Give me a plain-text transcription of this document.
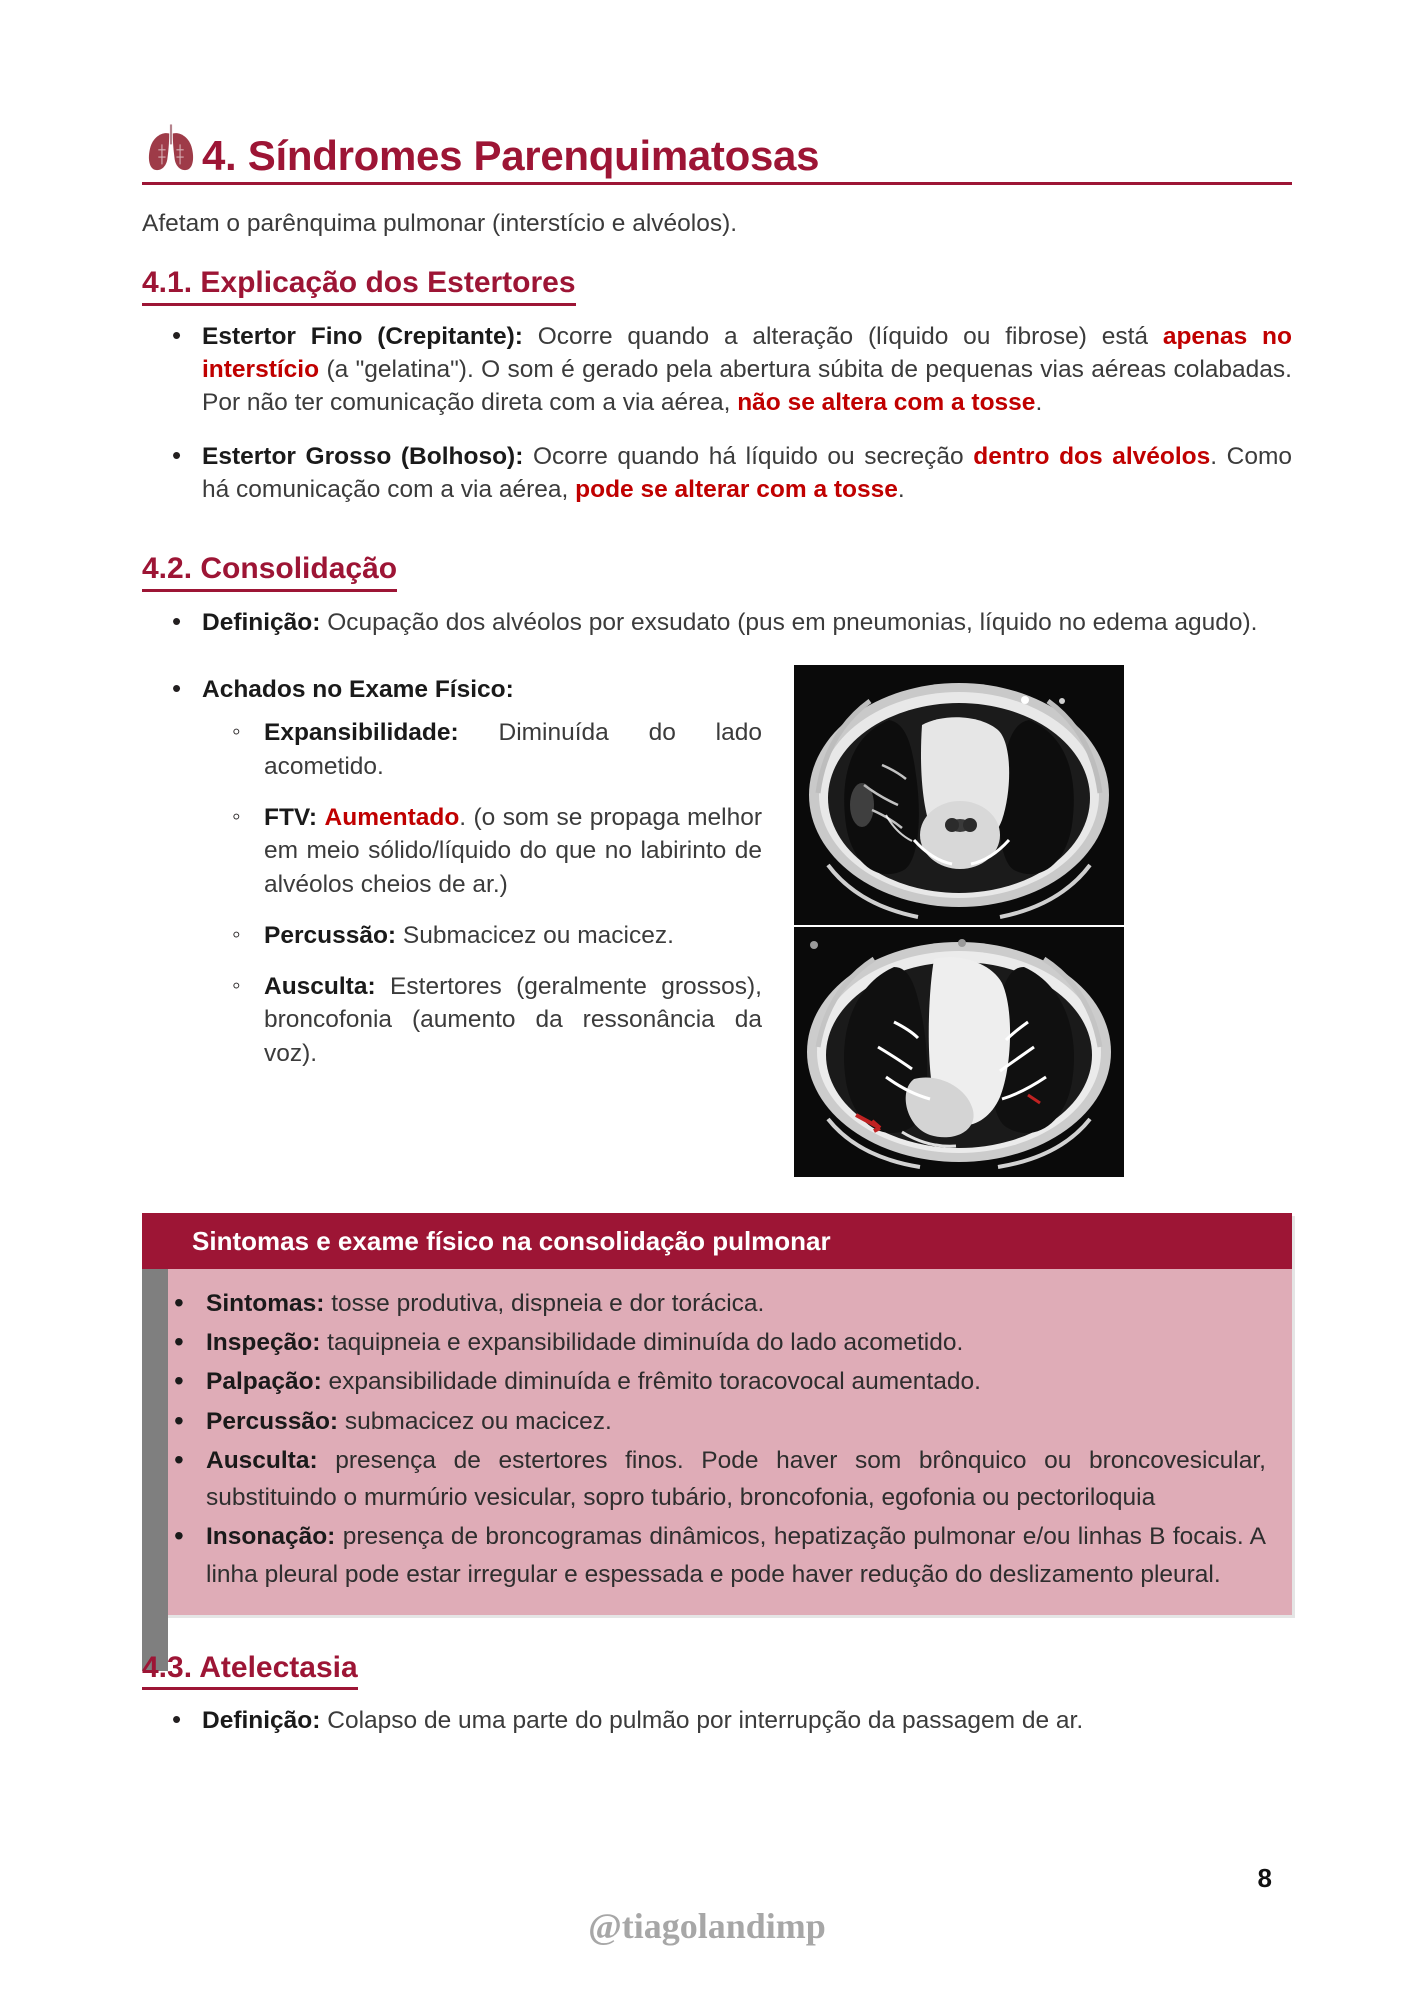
4. Síndromes Parenquimatosas
Afetam o parênquima pulmonar (interstício e alvéolos).
4.1. Explicação dos Estertores
• Estertor Fino (Crepitante): Ocorre quando a alteração (líquido ou fibrose) está apenas no interstício (a "gelatina"). O som é gerado pela abertura súbita de pequenas vias aéreas colabadas. Por não ter comunicação direta com a via aérea, não se altera com a tosse.
• Estertor Grosso (Bolhoso): Ocorre quando há líquido ou secreção dentro dos alvéolos. Como há comunicação com a via aérea, pode se alterar com a tosse.
4.2. Consolidação
• Definição: Ocupação dos alvéolos por exsudato (pus em pneumonias, líquido no edema agudo).
• Achados no Exame Físico:
◦ Expansibilidade: Diminuída do lado acometido.
◦ FTV: Aumentado. (o som se propaga melhor em meio sólido/líquido do que no labirinto de alvéolos cheios de ar.)
◦ Percussão: Submacicez ou macicez.
◦ Ausculta: Estertores (geralmente grossos), broncofonia (aumento da ressonância da voz).
Sintomas e exame físico na consolidação pulmonar
• Sintomas: tosse produtiva, dispneia e dor torácica.
• Inspeção: taquipneia e expansibilidade diminuída do lado acometido.
• Palpação: expansibilidade diminuída e frêmito toracovocal aumentado.
• Percussão: submacicez ou macicez.
• Ausculta: presença de estertores finos. Pode haver som brônquico ou broncovesicular, substituindo o murmúrio vesicular, sopro tubário, broncofonia, egofonia ou pectoriloquia
• Insonação: presença de broncogramas dinâmicos, hepatização pulmonar e/ou linhas B focais. A linha pleural pode estar irregular e espessada e pode haver redução do deslizamento pleural.
4.3. Atelectasia
• Definição: Colapso de uma parte do pulmão por interrupção da passagem de ar.
8
@tiagolandimp
